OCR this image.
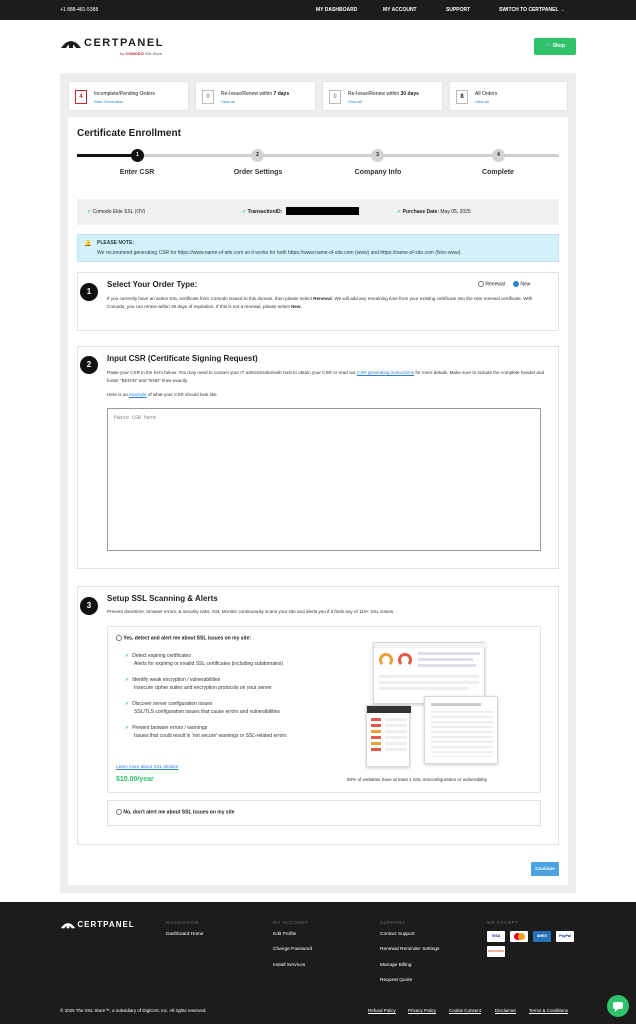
+1 888-481-5388	MY DASHBOARD	MY ACCOUNT	SUPPORT	SWITCH TO CERTPANEL →
CERTPANEL
by COMODO SSLStore
🛒 Shop
4	Incomplete/Pending Orders
Start Generation
0	Re-Issue/Renew within 7 days
View all
0	Re-Issue/Renew within 30 days
View all
8	All Orders
View all
Certificate Enrollment
1	2	3	4
Enter CSR	Order Settings	Company Info	Complete
✓ Comodo Elite SSL (OV)	✓ TransactionID:	✓ Purchase Date: May 05, 2025
🔔 PLEASE NOTE:
We recommend generating CSR for https://www.name-of-site.com so it works for both https://www.name-of-site.com (www) and https://name-of-site.com (Non-www).
1
Select Your Order Type:	Renewal	New
If you currently have an active SSL certificate from Comodo issued to this domain, then please select Renewal. We will add any remaining time from your existing certificate into the new renewal certificate. With Comodo, you can renew within 30 days of expiration. If this is not a renewal, please select New.
2
Input CSR (Certificate Signing Request)
Paste your CSR in the form below. You may need to contact your IT administrator/web host to obtain your CSR or read our CSR generating instructions for more details. Make sure to include the complete header and footer "BEGIN" and "END" lines exactly.
Here is an example of what your CSR should look like.
Paste CSR here
3
Setup SSL Scanning & Alerts
Prevent downtime, browser errors, & security risks. SSL Monitor continuously scans your site and alerts you if it finds any of 110+ SSL issues.
Yes, detect and alert me about SSL issues on my site:
✓ Detect expiring certificates
Alerts for expiring or invalid SSL certificates (including subdomains)
✓ Identify weak encryption / vulnerabilities
Insecure cipher suites and encryption protocols on your server
✓ Discover server configuration issues
SSL/TLS configuration issues that cause errors and vulnerabilities
✓ Prevent browser errors / warnings
Issues that could result in 'not secure' warnings or SSL-related errors
Learn more about SSL Monitor
$10.00/year	93% of websites have at least 1 SSL misconfiguration or vulnerability
No, don't alert me about SSL issues on my site
Continue
CERTPANEL	NAVIGATION
Dashboard Home
MY ACCOUNT
Edit Profile
Change Password
Install Services
SUPPORT
Contact Support
Renewal Reminder Settings
Manage Billing
Request Quote
WE ACCEPT
VISA	AMEX	PayPal
DISCOVER
© 2025 The SSL Store™, a subsidiary of DigiCert, Inc. All rights reserved.	Refund Policy	Privacy Policy	Cookie Consent	Disclaimer	Terms & Conditions
